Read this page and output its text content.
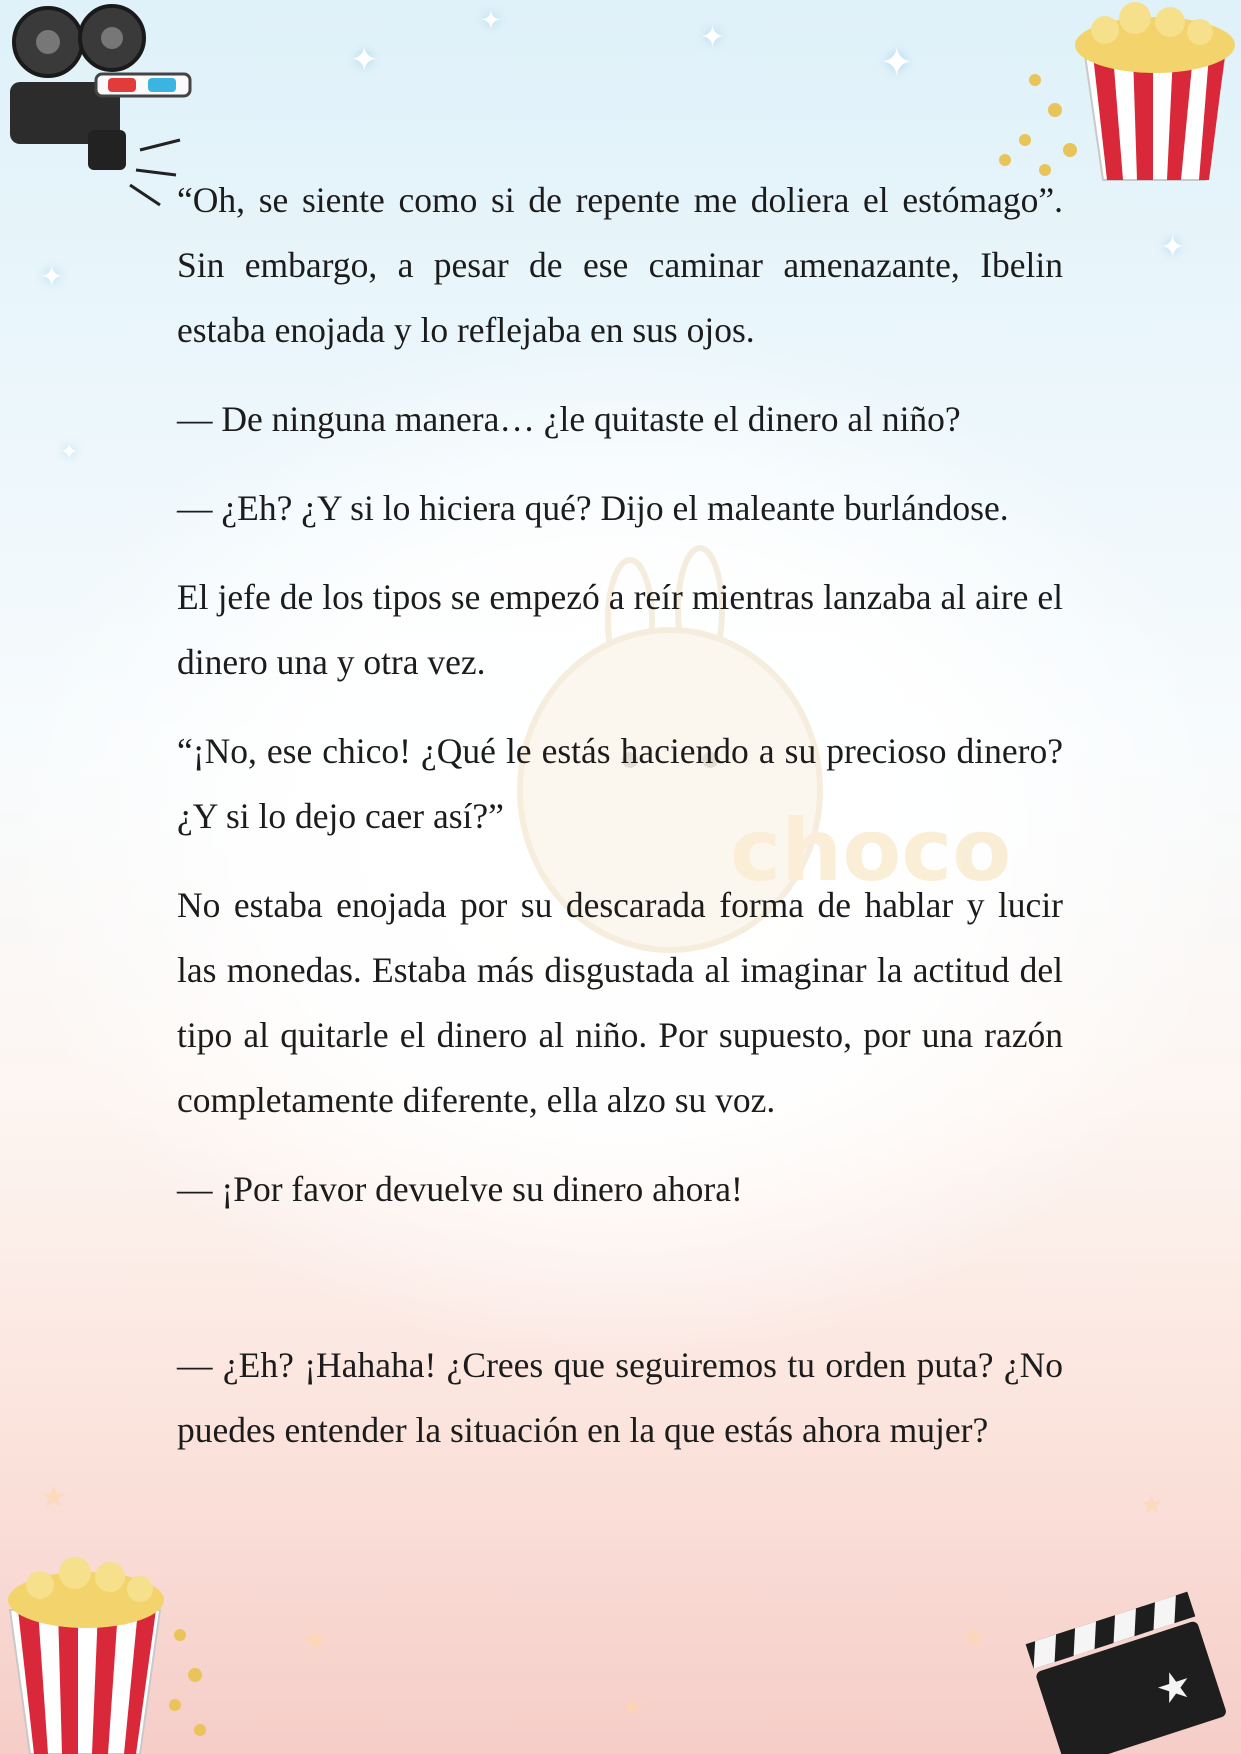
✦
✦	✦
✦
✦
✦
✦
★
★
★
★
★
choco
★

“Oh, se siente como si de repente me doliera el estómago”. Sin embargo, a pesar de ese caminar amenazante, Ibelin estaba enojada y lo reflejaba en sus ojos.

— De ninguna manera… ¿le quitaste el dinero al niño?

— ¿Eh? ¿Y si lo hiciera qué? Dijo el maleante burlándose.

El jefe de los tipos se empezó a reír mientras lanzaba al aire el dinero una y otra vez.

“¡No, ese chico! ¿Qué le estás haciendo a su precioso dinero? ¿Y si lo dejo caer así?”

No estaba enojada por su descarada forma de hablar y lucir las monedas. Estaba más disgustada al imaginar la actitud del tipo al quitarle el dinero al niño. Por supuesto, por una razón completamente diferente, ella alzo su voz.

— ¡Por favor devuelve su dinero ahora!

— ¿Eh? ¡Hahaha! ¿Crees que seguiremos tu orden puta? ¿No puedes entender la situación en la que estás ahora mujer?
